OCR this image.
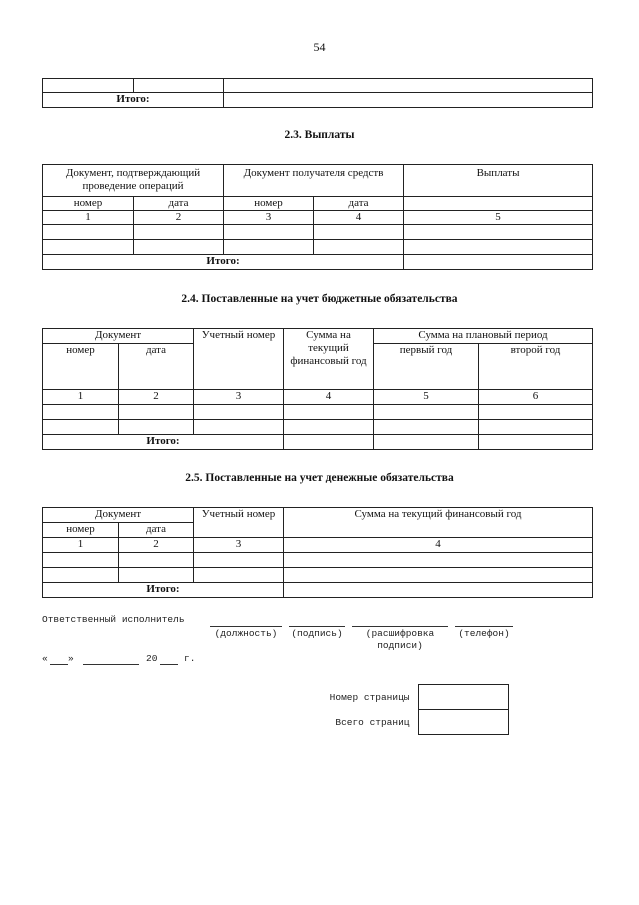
54

Итого:		
2.3. Выплаты
Документ, подтверждающий проведение операций		Документ получателя средств		Выплаты
номер	дата	номер	дата	
1	2	3	4	5

Итого:				
2.4. Поставленные на учет бюджетные обязательства
Документ		Учетный номер	Сумма на текущий финансовый год	Сумма на плановый период	
номер	дата			первый год	второй год
1	2	3	4	5	6

Итого:					
2.5. Поставленные на учет денежные обязательства
Документ		Учетный номер	Сумма на текущий финансовый год
номер	дата		
1	2	3	4

Итого:			
Ответственный исполнитель
(должность)	(подпись)	(расшифровка
подписи)
(телефон)
« »	20	г.
Номер страницы	
Всего страниц	
